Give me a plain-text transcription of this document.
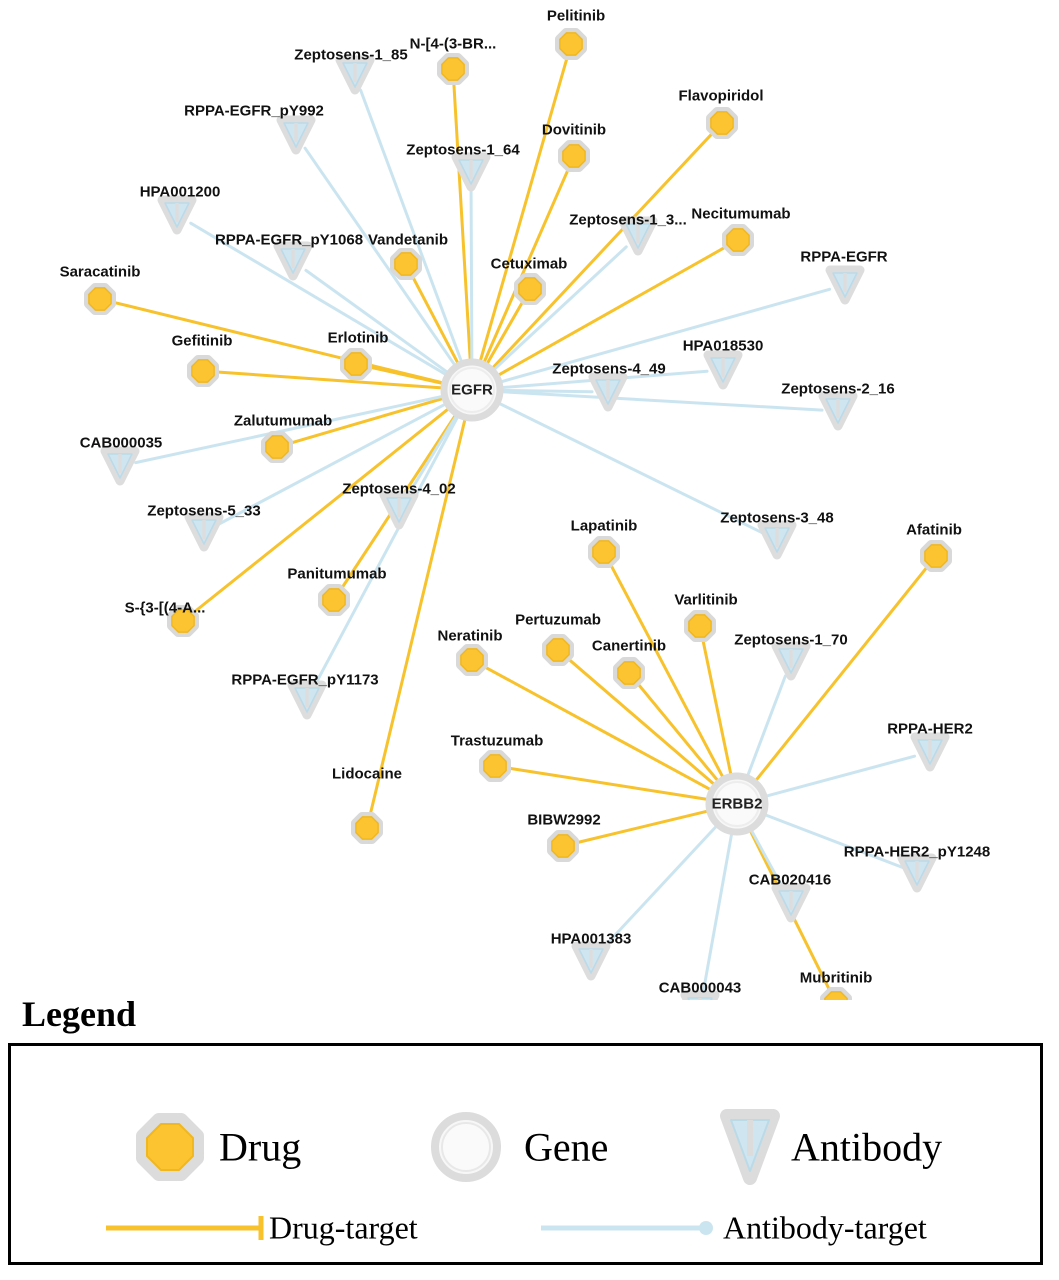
Zeptosens-1_85
RPPA-EGFR_pY992
Zeptosens-1_64
HPA001200
Zeptosens-1_3...
RPPA-EGFR_pY1068
RPPA-EGFR
HPA018530
Zeptosens-4_49
Zeptosens-2_16
CAB000035
Zeptosens-4_02
Zeptosens-5_33	Zeptosens-3_48
Zeptosens-1_70
RPPA-EGFR_pY1173
RPPA-HER2
RPPA-HER2_pY1248
CAB020416
HPA001383
CAB000043
Pelitinib
N-[4-(3-BR...
Flavopiridol
Dovitinib
Necitumumab
Vandetanib
Cetuximab
Saracatinib
Erlotinib
Gefitinib
Zalutumumab
Afatinib
Lapatinib
Varlitinib
Panitumumab
S-{3-[(4-A...
Pertuzumab
Canertinib
Neratinib
Trastuzumab
Lidocaine
BIBW2992
Mubritinib
EGFR
ERBB2
Legend
Drug	Gene	Antibody
Drug-target	Antibody-target
